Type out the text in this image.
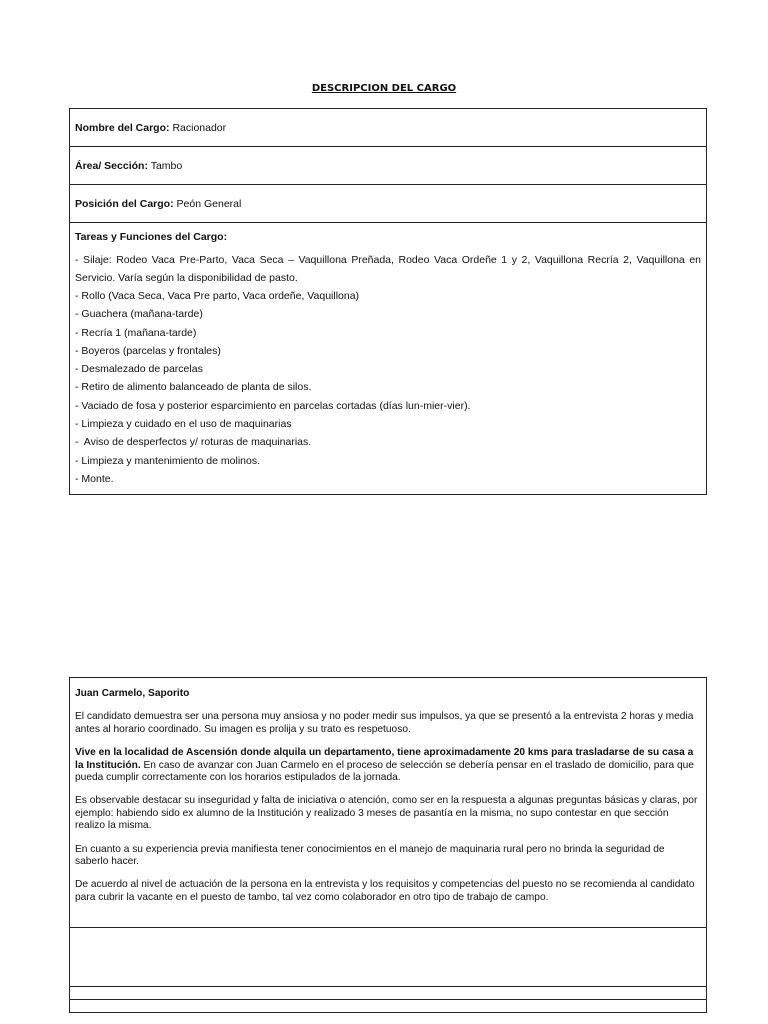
DESCRIPCION DEL CARGO
Nombre del Cargo: Racionador
Área/ Sección: Tambo
Posición del Cargo: Peón General

Tareas y Funciones del Cargo:
- Silaje: Rodeo Vaca Pre-Parto, Vaca Seca – Vaquillona Preñada, Rodeo Vaca Ordeñe 1 y 2, Vaquillona Recría 2, Vaquillona en Servicio. Varía según la disponibilidad de pasto.
- Rollo (Vaca Seca, Vaca Pre parto, Vaca ordeñe, Vaquillona)
- Guachera (mañana-tarde)
- Recría 1 (mañana-tarde)
- Boyeros (parcelas y frontales)
- Desmalezado de parcelas
- Retiro de alimento balanceado de planta de silos.
- Vaciado de fosa y posterior esparcimiento en parcelas cortadas (días lun-mier-vier).
- Limpieza y cuidado en el uso de maquinarias
-  Aviso de desperfectos y/ roturas de maquinarias.
- Limpieza y mantenimiento de molinos.
- Monte.
Juan Carmelo, Saporito

El candidato demuestra ser una persona muy ansiosa y no poder medir sus impulsos, ya que se presentó a la entrevista 2 horas y media antes al horario coordinado. Su imagen es prolija y su trato es respetuoso.

Vive en la localidad de Ascensión donde alquila un departamento, tiene aproximadamente 20 kms para trasladarse de su casa a la Institución. En caso de avanzar con Juan Carmelo en el proceso de selección se debería pensar en el traslado de domicilio, para que pueda cumplir correctamente con los horarios estipulados de la jornada.

Es observable destacar su inseguridad y falta de iniciativa o atención, como ser en la respuesta a algunas preguntas básicas y claras, por ejemplo: habiendo sido ex alumno de la Institución y realizado 3 meses de pasantía en la misma, no supo contestar en que sección realizo la misma.

En cuanto a su experiencia previa manifiesta tener conocimientos en el manejo de maquinaria rural pero no brinda la seguridad de saberlo hacer.

De acuerdo al nivel de actuación de la persona en la entrevista y los requisitos y competencias del puesto no se recomienda al candidato para cubrir la vacante en el puesto de tambo, tal vez como colaborador en otro tipo de trabajo de campo.
